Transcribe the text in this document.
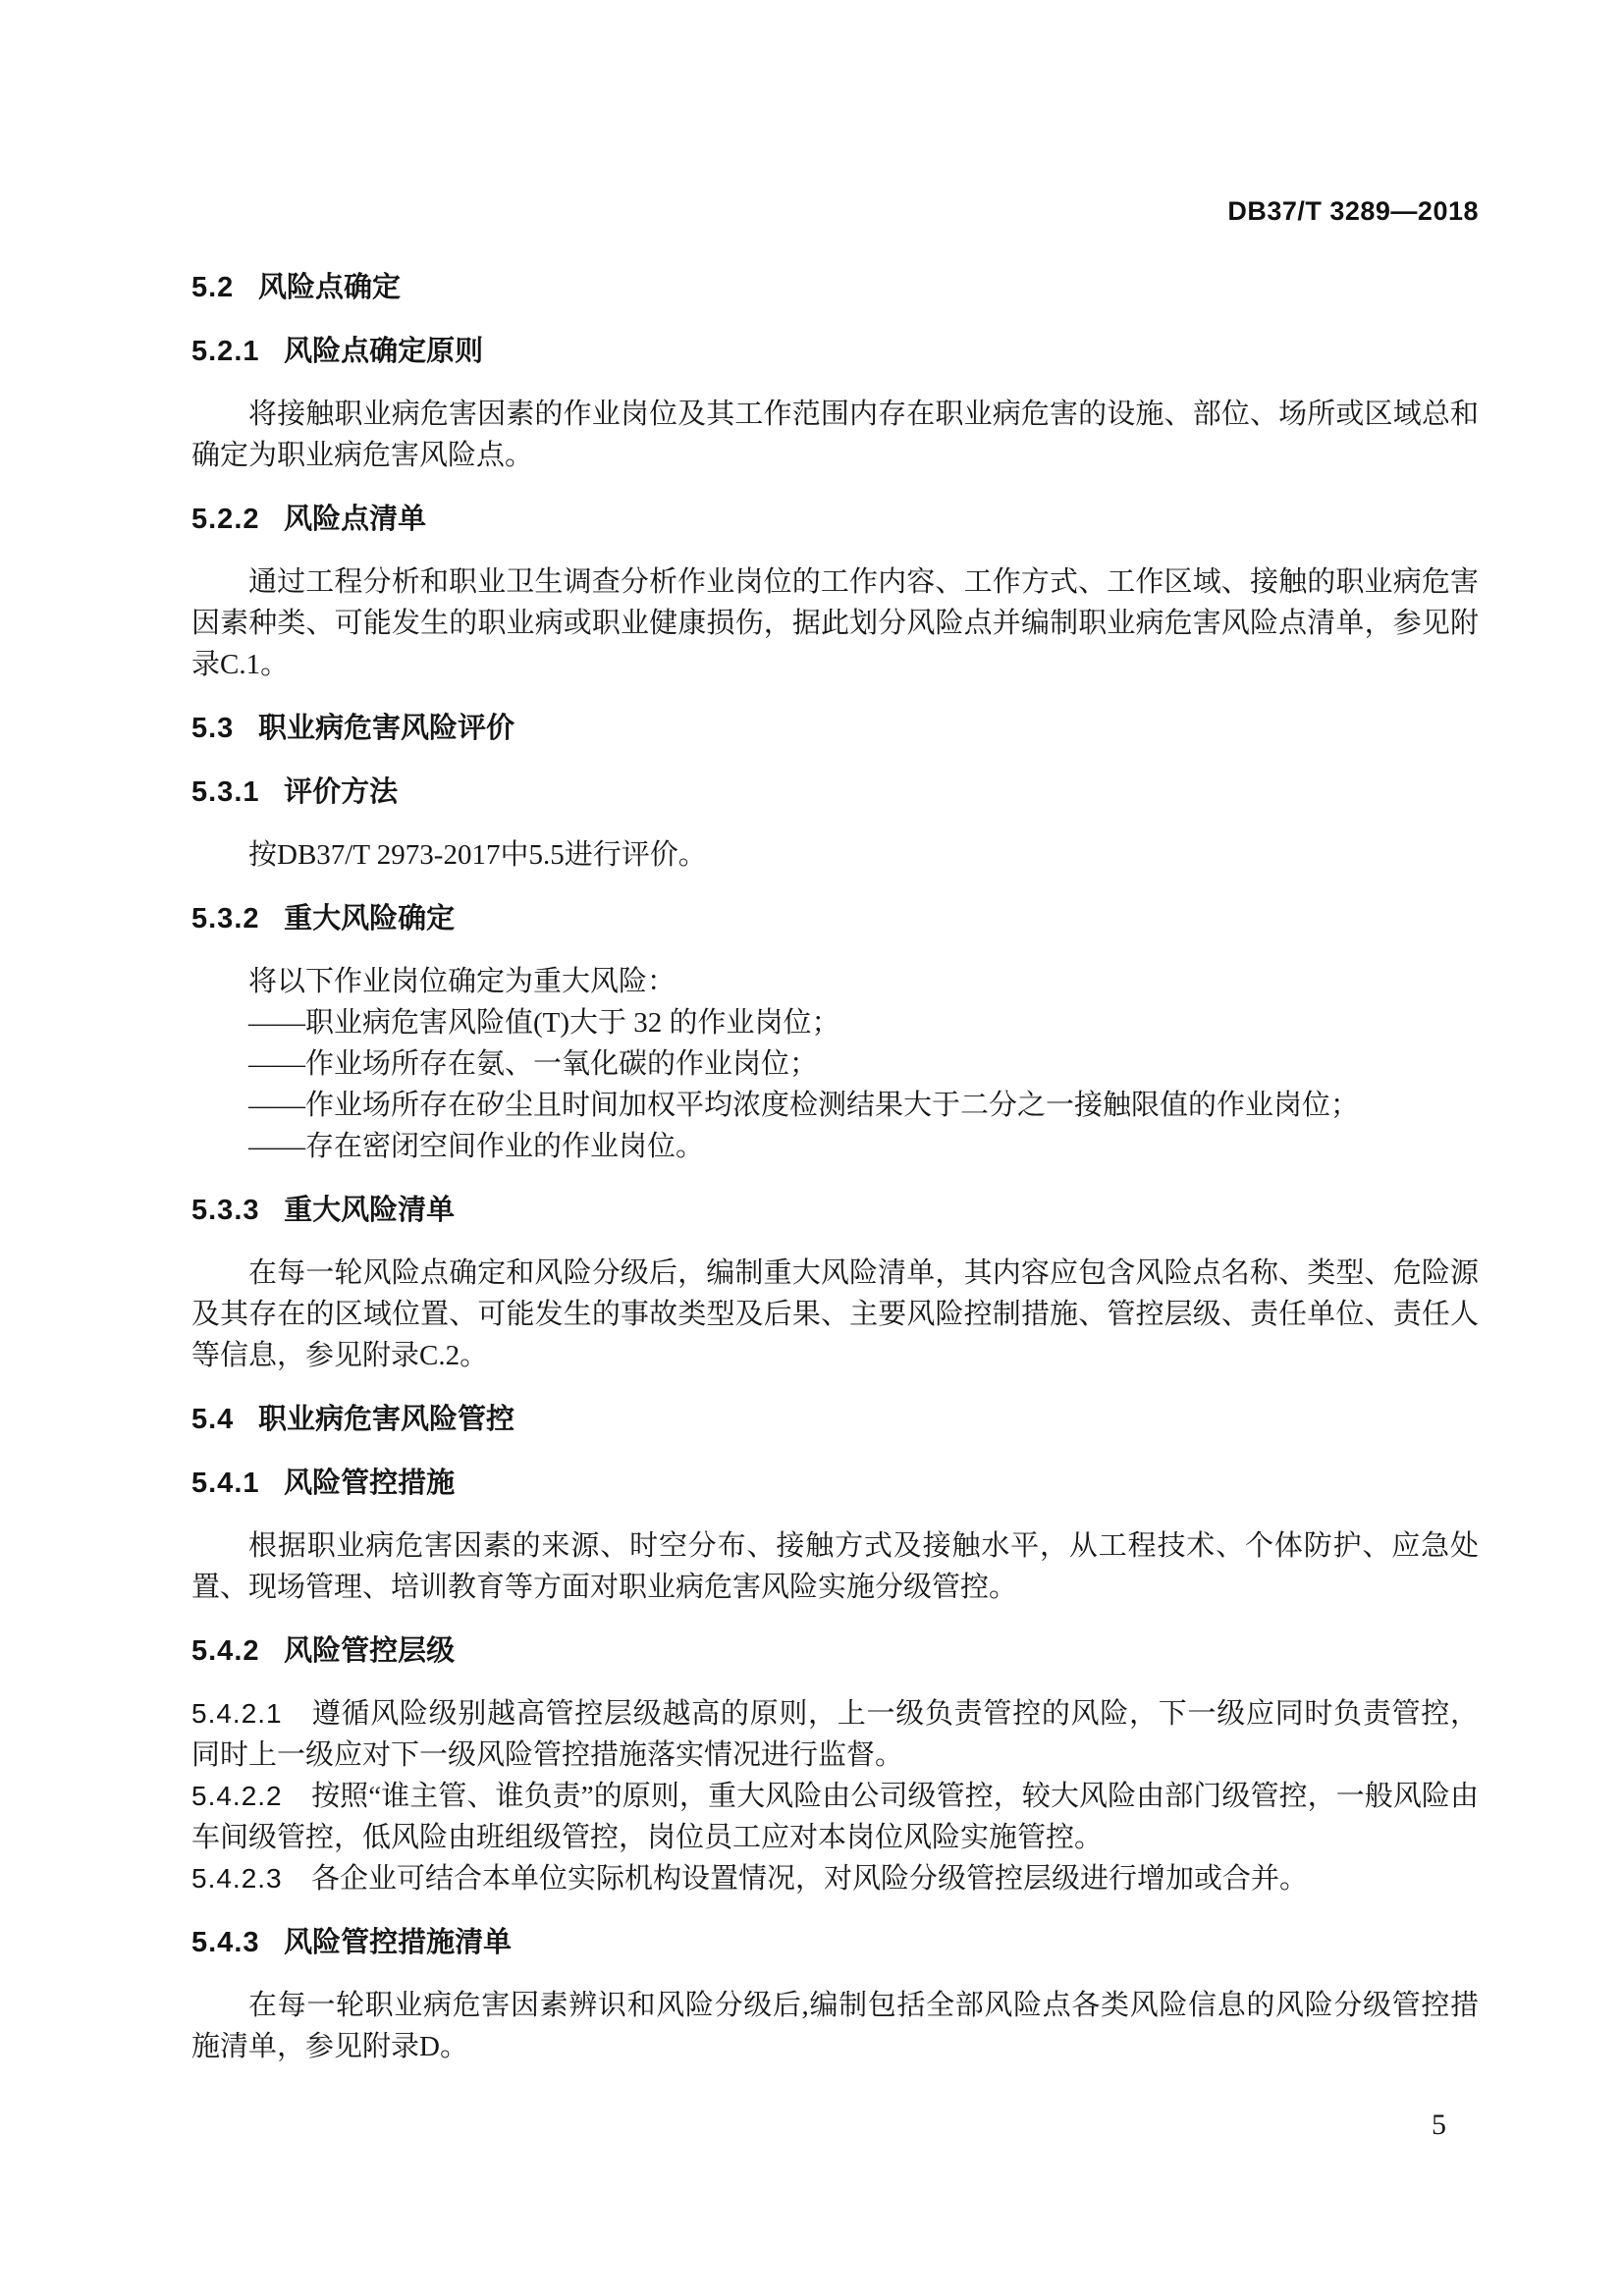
DB37/T 3289—2018
5.2 风险点确定
5.2.1 风险点确定原则

将接触职业病危害因素的作业岗位及其工作范围内存在职业病危害的设施、部位、场所或区域总和确定为职业病危害风险点。

5.2.2 风险点清单

通过工程分析和职业卫生调查分析作业岗位的工作内容、工作方式、工作区域、接触的职业病危害因素种类、可能发生的职业病或职业健康损伤，据此划分风险点并编制职业病危害风险点清单，参见附录C.1。

5.3 职业病危害风险评价
5.3.1 评价方法

按DB37/T 2973-2017中5.5进行评价。

5.3.2 重大风险确定

将以下作业岗位确定为重大风险：

——职业病危害风险值(T)大于 32 的作业岗位；

——作业场所存在氨、一氧化碳的作业岗位；

——作业场所存在矽尘且时间加权平均浓度检测结果大于二分之一接触限值的作业岗位；

——存在密闭空间作业的作业岗位。

5.3.3 重大风险清单

在每一轮风险点确定和风险分级后，编制重大风险清单，其内容应包含风险点名称、类型、危险源及其存在的区域位置、可能发生的事故类型及后果、主要风险控制措施、管控层级、责任单位、责任人等信息，参见附录C.2。

5.4 职业病危害风险管控
5.4.1 风险管控措施

根据职业病危害因素的来源、时空分布、接触方式及接触水平，从工程技术、个体防护、应急处置、现场管理、培训教育等方面对职业病危害风险实施分级管控。

5.4.2 风险管控层级

5.4.2.1 遵循风险级别越高管控层级越高的原则，上一级负责管控的风险，下一级应同时负责管控，同时上一级应对下一级风险管控措施落实情况进行监督。

5.4.2.2 按照“谁主管、谁负责”的原则，重大风险由公司级管控，较大风险由部门级管控，一般风险由车间级管控，低风险由班组级管控，岗位员工应对本岗位风险实施管控。

5.4.2.3 各企业可结合本单位实际机构设置情况，对风险分级管控层级进行增加或合并。

5.4.3 风险管控措施清单

在每一轮职业病危害因素辨识和风险分级后,编制包括全部风险点各类风险信息的风险分级管控措施清单，参见附录D。

5
